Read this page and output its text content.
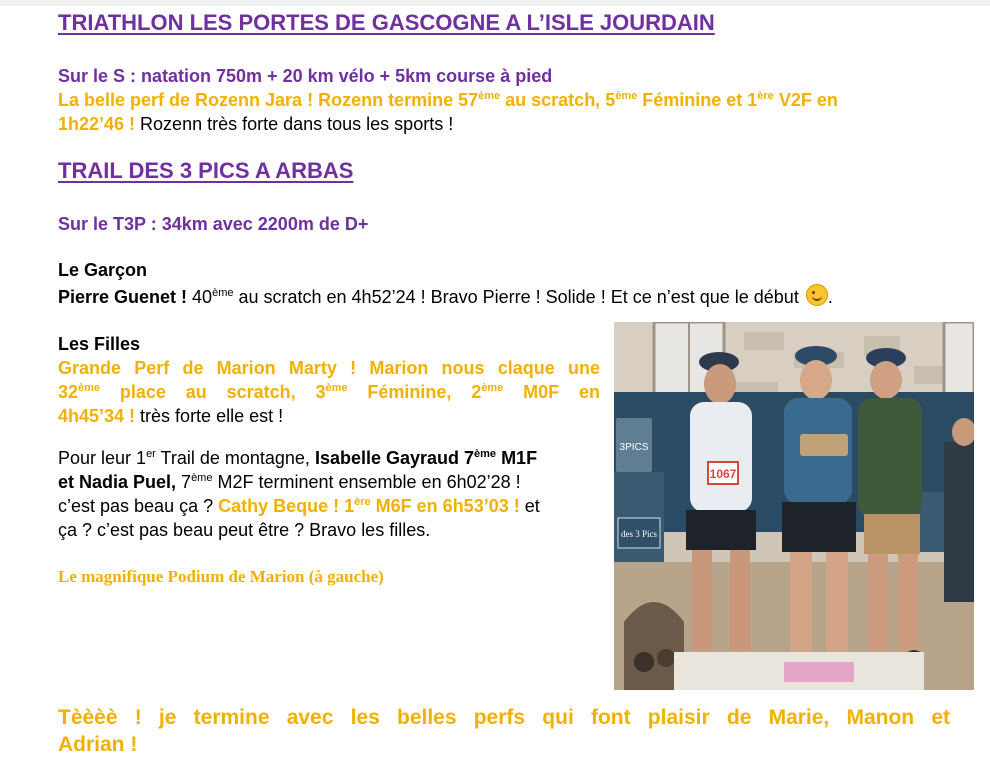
TRIATHLON LES PORTES DE GASCOGNE A L’ISLE JOURDAIN
Sur le S : natation 750m + 20 km vélo + 5km course à pied
La belle perf de Rozenn Jara ! Rozenn termine 57ème au scratch, 5ème Féminine et 1ère V2F en
1h22’46 ! Rozenn très forte dans tous les sports !
TRAIL DES 3 PICS A ARBAS
Sur le T3P : 34km avec 2200m de D+
Le Garçon
Pierre Guenet ! 40ème au scratch en 4h52’24 ! Bravo Pierre ! Solide ! Et ce n’est que le début .
Les Filles
Grande Perf de Marion Marty ! Marion nous claque une
32ème place au scratch, 3ème Féminine, 2ème M0F en
4h45’34 ! très forte elle est !
Pour leur 1er Trail de montagne, Isabelle Gayraud 7ème M1F
et Nadia Puel, 7ème M2F terminent ensemble en 6h02’28 !
c’est pas beau ça ? Cathy Beque ! 1ère M6F en 6h53’03 ! et
ça ? c’est pas beau peut être ? Bravo les filles.
Le magnifique Podium de Marion (à gauche)
3PICS
des 3 Pics
1067
Tèèèè ! je termine avec les belles perfs qui font plaisir de Marie, Manon et
Adrian !
